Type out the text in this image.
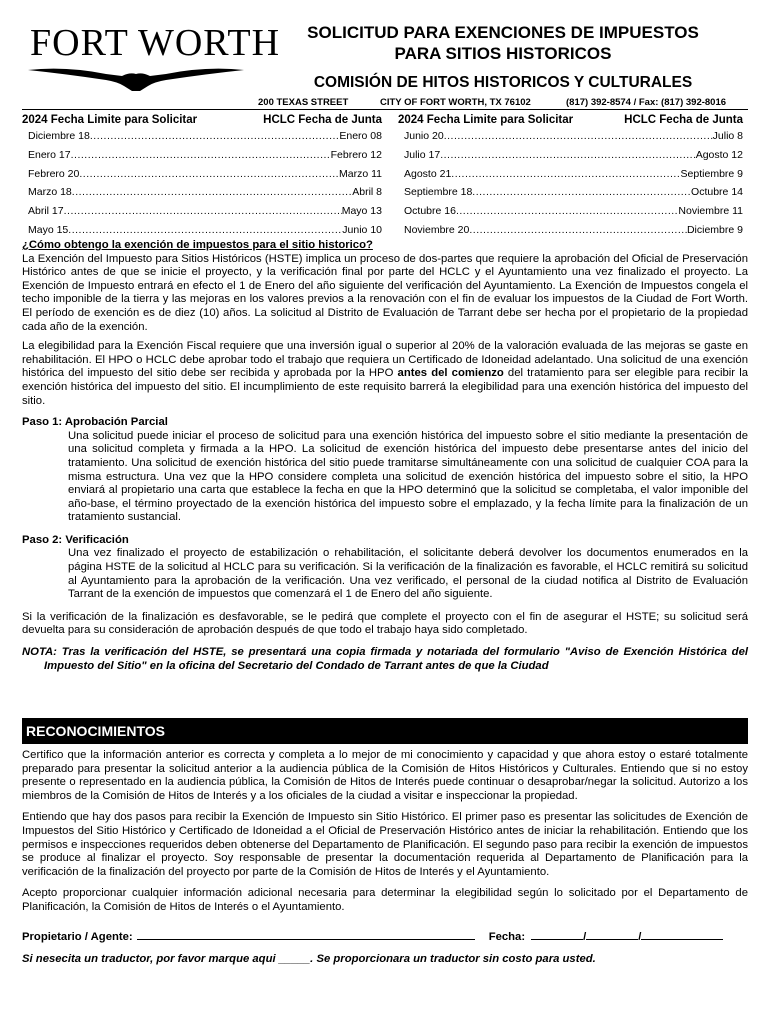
FORT WORTH	SOLICITUD PARA EXENCIONES DE IMPUESTOS
PARA SITIOS HISTORICOS
COMISIÓN DE HITOS HISTORICOS Y CULTURALES
200 TEXAS STREET	CITY OF FORT WORTH, TX 76102	(817) 392-8574 / Fax: (817) 392-8016
2024 Fecha Limite para Solicitar	HCLC Fecha de Junta
Diciembre 18 .....	Enero 08
Enero 17 .....	Febrero 12
Febrero 20 .....	Marzo 11
Marzo 18 .....	Abril 8
Abril 17 .....	Mayo 13
Mayo 15 .....	Junio 10
2024 Fecha Limite para Solicitar	HCLC Fecha de Junta
Junio 20 .....	Julio 8
Julio 17 .....	Agosto 12
Agosto 21 .....	Septiembre 9
Septiembre 18 .....	Octubre 14
Octubre 16 .....	Noviembre 11
Noviembre 20 .....	Diciembre 9

¿Cómo obtengo la exención de impuestos para el sitio historico?

La Exención del Impuesto para Sitios Históricos (HSTE) implica un proceso de dos-partes que requiere la aprobación del Oficial de Preservación Histórico antes de que se inicie el proyecto, y la verificación final por parte del HCLC y el Ayuntamiento una vez finalizado el proyecto. La Exención de Impuesto entrará en efecto el 1 de Enero del año siguiente del verificación del Ayuntamiento. La Exención de Impuestos congela el techo imponible de la tierra y las mejoras en los valores previos a la renovación con el fin de evaluar los impuestos de la Ciudad de Fort Worth. El período de exención es de diez (10) años. La solicitud al Distrito de Evaluación de Tarrant debe ser hecha por el propietario de la propiedad cada año de la exención.

La elegibilidad para la Exención Fiscal requiere que una inversión igual o superior al 20% de la valoración evaluada de las mejoras se gaste en rehabilitación. El HPO o HCLC debe aprobar todo el trabajo que requiera un Certificado de Idoneidad adelantado. Una solicitud de una exención histórica del impuesto del sitio debe ser recibida y aprobada por la HPO antes del comienzo del tratamiento para ser elegible para recibir la exención histórica del impuesto del sitio. El incumplimiento de este requisito barrerá la elegibilidad para una exención histórica del impuesto del sitio.

Paso 1: Aprobación Parcial

Una solicitud puede iniciar el proceso de solicitud para una exención histórica del impuesto sobre el sitio mediante la presentación de una solicitud completa y firmada a la HPO. La solicitud de exención histórica del impuesto debe presentarse antes del inicio del tratamiento. Una solicitud de exención histórica del sitio puede tramitarse simultáneamente con una solicitud de cualquier COA para la misma estructura. Una vez que la HPO considere completa una solicitud de exención histórica del impuesto sobre el sitio, la HPO enviará al propietario una carta que establece la fecha en que la HPO determinó que la solicitud se completaba, el valor imponible del año-base, el término proyectado de la exención histórica del impuesto sobre el emplazado, y la fecha límite para la finalización de un tratamiento sustancial.

Paso 2: Verificación

Una vez finalizado el proyecto de estabilización o rehabilitación, el solicitante deberá devolver los documentos enumerados en la página HSTE de la solicitud al HCLC para su verificación. Si la verificación de la finalización es favorable, el HCLC remitirá su solicitud al Ayuntamiento para la aprobación de la verificación. Una vez verificado, el personal de la ciudad notifica al Distrito de Evaluación Tarrant de la exención de impuestos que comenzará el 1 de Enero del año siguiente.

Si la verificación de la finalización es desfavorable, se le pedirá que complete el proyecto con el fin de asegurar el HSTE; su solicitud será devuelta para su consideración de aprobación después de que todo el trabajo haya sido completado.

NOTA: Tras la verificación del HSTE, se presentará una copia firmada y notariada del formulario "Aviso de Exención Histórica del Impuesto del Sitio" en la oficina del Secretario del Condado de Tarrant antes de que la Ciudad

RECONOCIMIENTOS

Certifico que la información anterior es correcta y completa a lo mejor de mi conocimiento y capacidad y que ahora estoy o estaré totalmente preparado para presentar la solicitud anterior a la audiencia pública de la Comisión de Hitos Históricos y Culturales. Entiendo que si no estoy presente o representado en la audiencia pública, la Comisión de Hitos de Interés puede continuar o desaprobar/negar la solicitud. Autorizo a los miembros de la Comisión de Hitos de Interés y a los oficiales de la ciudad a visitar e inspeccionar la propiedad.

Entiendo que hay dos pasos para recibir la Exención de Impuesto sin Sitio Histórico. El primer paso es presentar las solicitudes de Exención de Impuestos del Sitio Histórico y Certificado de Idoneidad a el Oficial de Preservación Histórico antes de iniciar la rehabilitación. Entiendo que los permisos e inspecciones requeridos deben obtenerse del Departamento de Planificación. El segundo paso para recibir la exención de impuestos se produce al finalizar el proyecto. Soy responsable de presentar la documentación requerida al Departamento de Planificación para la verificación de la finalización del proyecto por parte de la Comisión de Hitos de Interés y el Ayuntamiento.

Acepto proporcionar cualquier información adicional necesaria para determinar la elegibilidad según lo solicitado por el Departamento de Planificación, la Comisión de Hitos de Interés o el Ayuntamiento.

Propietario / Agente:	Fecha:	/	/

Si nesecita un traductor, por favor marque aqui _____. Se proporcionara un traductor sin costo para usted.
